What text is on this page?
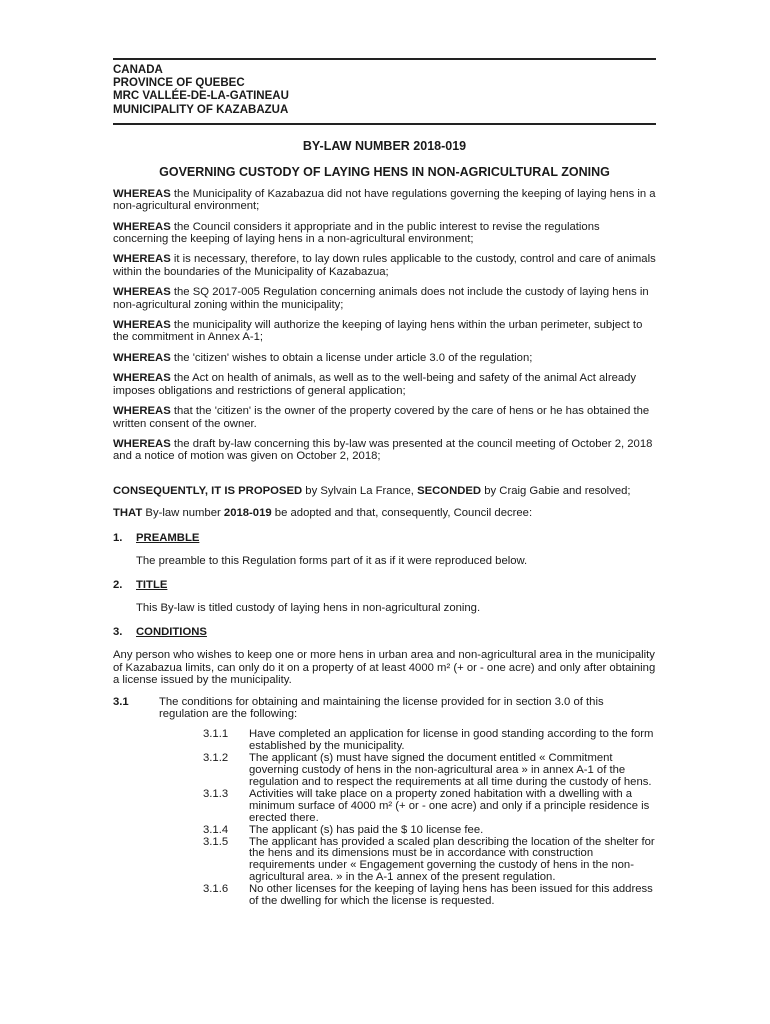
CANADA
PROVINCE OF QUEBEC
MRC VALLÉE-DE-LA-GATINEAU
MUNICIPALITY OF KAZABAZUA

BY-LAW NUMBER 2018-019

GOVERNING CUSTODY OF LAYING HENS IN NON-AGRICULTURAL ZONING

WHEREAS the Municipality of Kazabazua did not have regulations governing the keeping of laying hens in a non-agricultural environment;

WHEREAS the Council considers it appropriate and in the public interest to revise the regulations concerning the keeping of laying hens in a non-agricultural environment;

WHEREAS it is necessary, therefore, to lay down rules applicable to the custody, control and care of animals within the boundaries of the Municipality of Kazabazua;

WHEREAS the SQ 2017-005 Regulation concerning animals does not include the custody of laying hens in non-agricultural zoning within the municipality;

WHEREAS the municipality will authorize the keeping of laying hens within the urban perimeter, subject to the commitment in Annex A-1;

WHEREAS the 'citizen' wishes to obtain a license under article 3.0 of the regulation;

WHEREAS the Act on health of animals, as well as to the well-being and safety of the animal Act already imposes obligations and restrictions of general application;

WHEREAS that the 'citizen' is the owner of the property covered by the care of hens or he has obtained the written consent of the owner.

WHEREAS the draft by-law concerning this by-law was presented at the council meeting of October 2, 2018 and a notice of motion was given on October 2, 2018;

CONSEQUENTLY, IT IS PROPOSED by Sylvain La France, SECONDED by Craig Gabie and resolved;

THAT By-law number 2018-019 be adopted and that, consequently, Council decree:

1.	PREAMBLE
The preamble to this Regulation forms part of it as if it were reproduced below.
2.	TITLE
This By-law is titled custody of laying hens in non-agricultural zoning.
3.	CONDITIONS

Any person who wishes to keep one or more hens in urban area and non-agricultural area in the municipality of Kazabazua limits, can only do it on a property of at least 4000 m² (+ or - one acre) and only after obtaining a license issued by the municipality.

3.1	The conditions for obtaining and maintaining the license provided for in section 3.0 of this regulation are the following:
3.1.1	Have completed an application for license in good standing according to the form established by the municipality.
3.1.2	The applicant (s) must have signed the document entitled « Commitment governing custody of hens in the non-agricultural area » in annex A-1 of the regulation and to respect the requirements at all time during the custody of hens.
3.1.3	Activities will take place on a property zoned habitation with a dwelling with a minimum surface of 4000 m² (+ or - one acre) and only if a principle residence is erected there.
3.1.4	The applicant (s) has paid the $ 10 license fee.
3.1.5	The applicant has provided a scaled plan describing the location of the shelter for the hens and its dimensions must be in accordance with construction requirements under « Engagement governing the custody of hens in the non-agricultural area. » in the A-1 annex of the present regulation.
3.1.6	No other licenses for the keeping of laying hens has been issued for this address of the dwelling for which the license is requested.
